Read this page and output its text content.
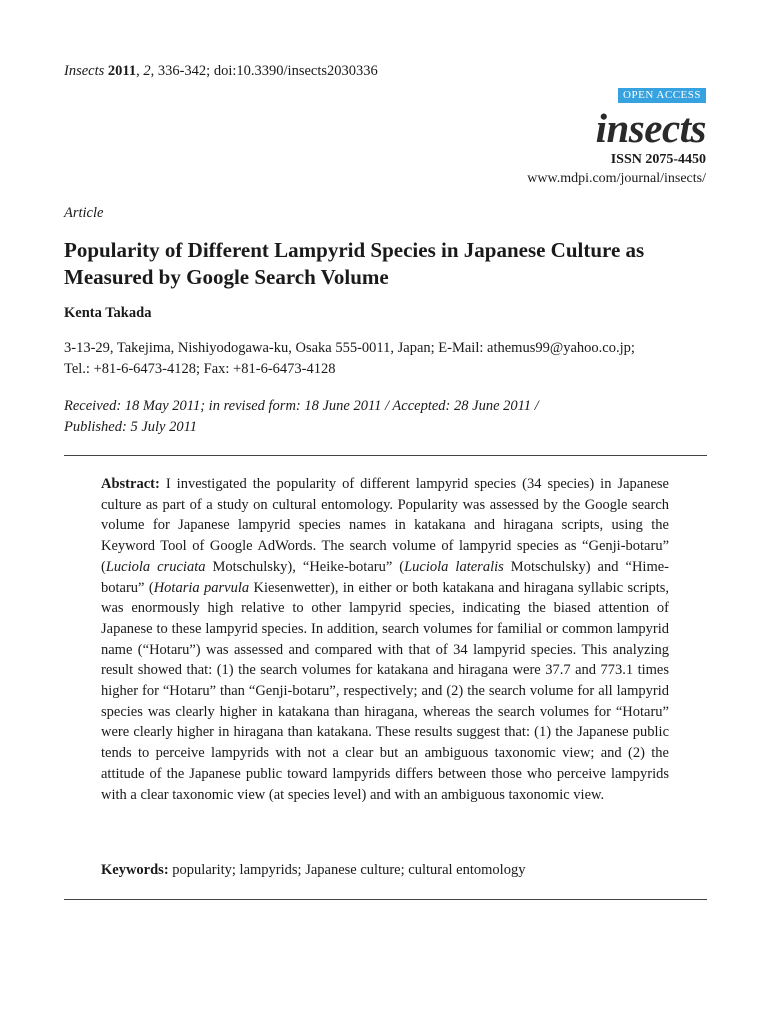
Insects 2011, 2, 336-342; doi:10.3390/insects2030336
OPEN ACCESS
insects
ISSN 2075-4450
www.mdpi.com/journal/insects/
Article
Popularity of Different Lampyrid Species in Japanese Culture as Measured by Google Search Volume
Kenta Takada
3-13-29, Takejima, Nishiyodogawa-ku, Osaka 555-0011, Japan; E-Mail: athemus99@yahoo.co.jp;
Tel.: +81-6-6473-4128; Fax: +81-6-6473-4128
Received: 18 May 2011; in revised form: 18 June 2011 / Accepted: 28 June 2011 /
Published: 5 July 2011
Abstract: I investigated the popularity of different lampyrid species (34 species) in Japanese culture as part of a study on cultural entomology. Popularity was assessed by the Google search volume for Japanese lampyrid species names in katakana and hiragana scripts, using the Keyword Tool of Google AdWords. The search volume of lampyrid species as “Genji-botaru” (Luciola cruciata Motschulsky), “Heike-botaru” (Luciola lateralis Motschulsky) and “Hime-botaru” (Hotaria parvula Kiesenwetter), in either or both katakana and hiragana syllabic scripts, was enormously high relative to other lampyrid species, indicating the biased attention of Japanese to these lampyrid species. In addition, search volumes for familial or common lampyrid name (“Hotaru”) was assessed and compared with that of 34 lampyrid species. This analyzing result showed that: (1) the search volumes for katakana and hiragana were 37.7 and 773.1 times higher for “Hotaru” than “Genji-botaru”, respectively; and (2) the search volume for all lampyrid species was clearly higher in katakana than hiragana, whereas the search volumes for “Hotaru” were clearly higher in hiragana than katakana. These results suggest that: (1) the Japanese public tends to perceive lampyrids with not a clear but an ambiguous taxonomic view; and (2) the attitude of the Japanese public toward lampyrids differs between those who perceive lampyrids with a clear taxonomic view (at species level) and with an ambiguous taxonomic view.
Keywords: popularity; lampyrids; Japanese culture; cultural entomology
